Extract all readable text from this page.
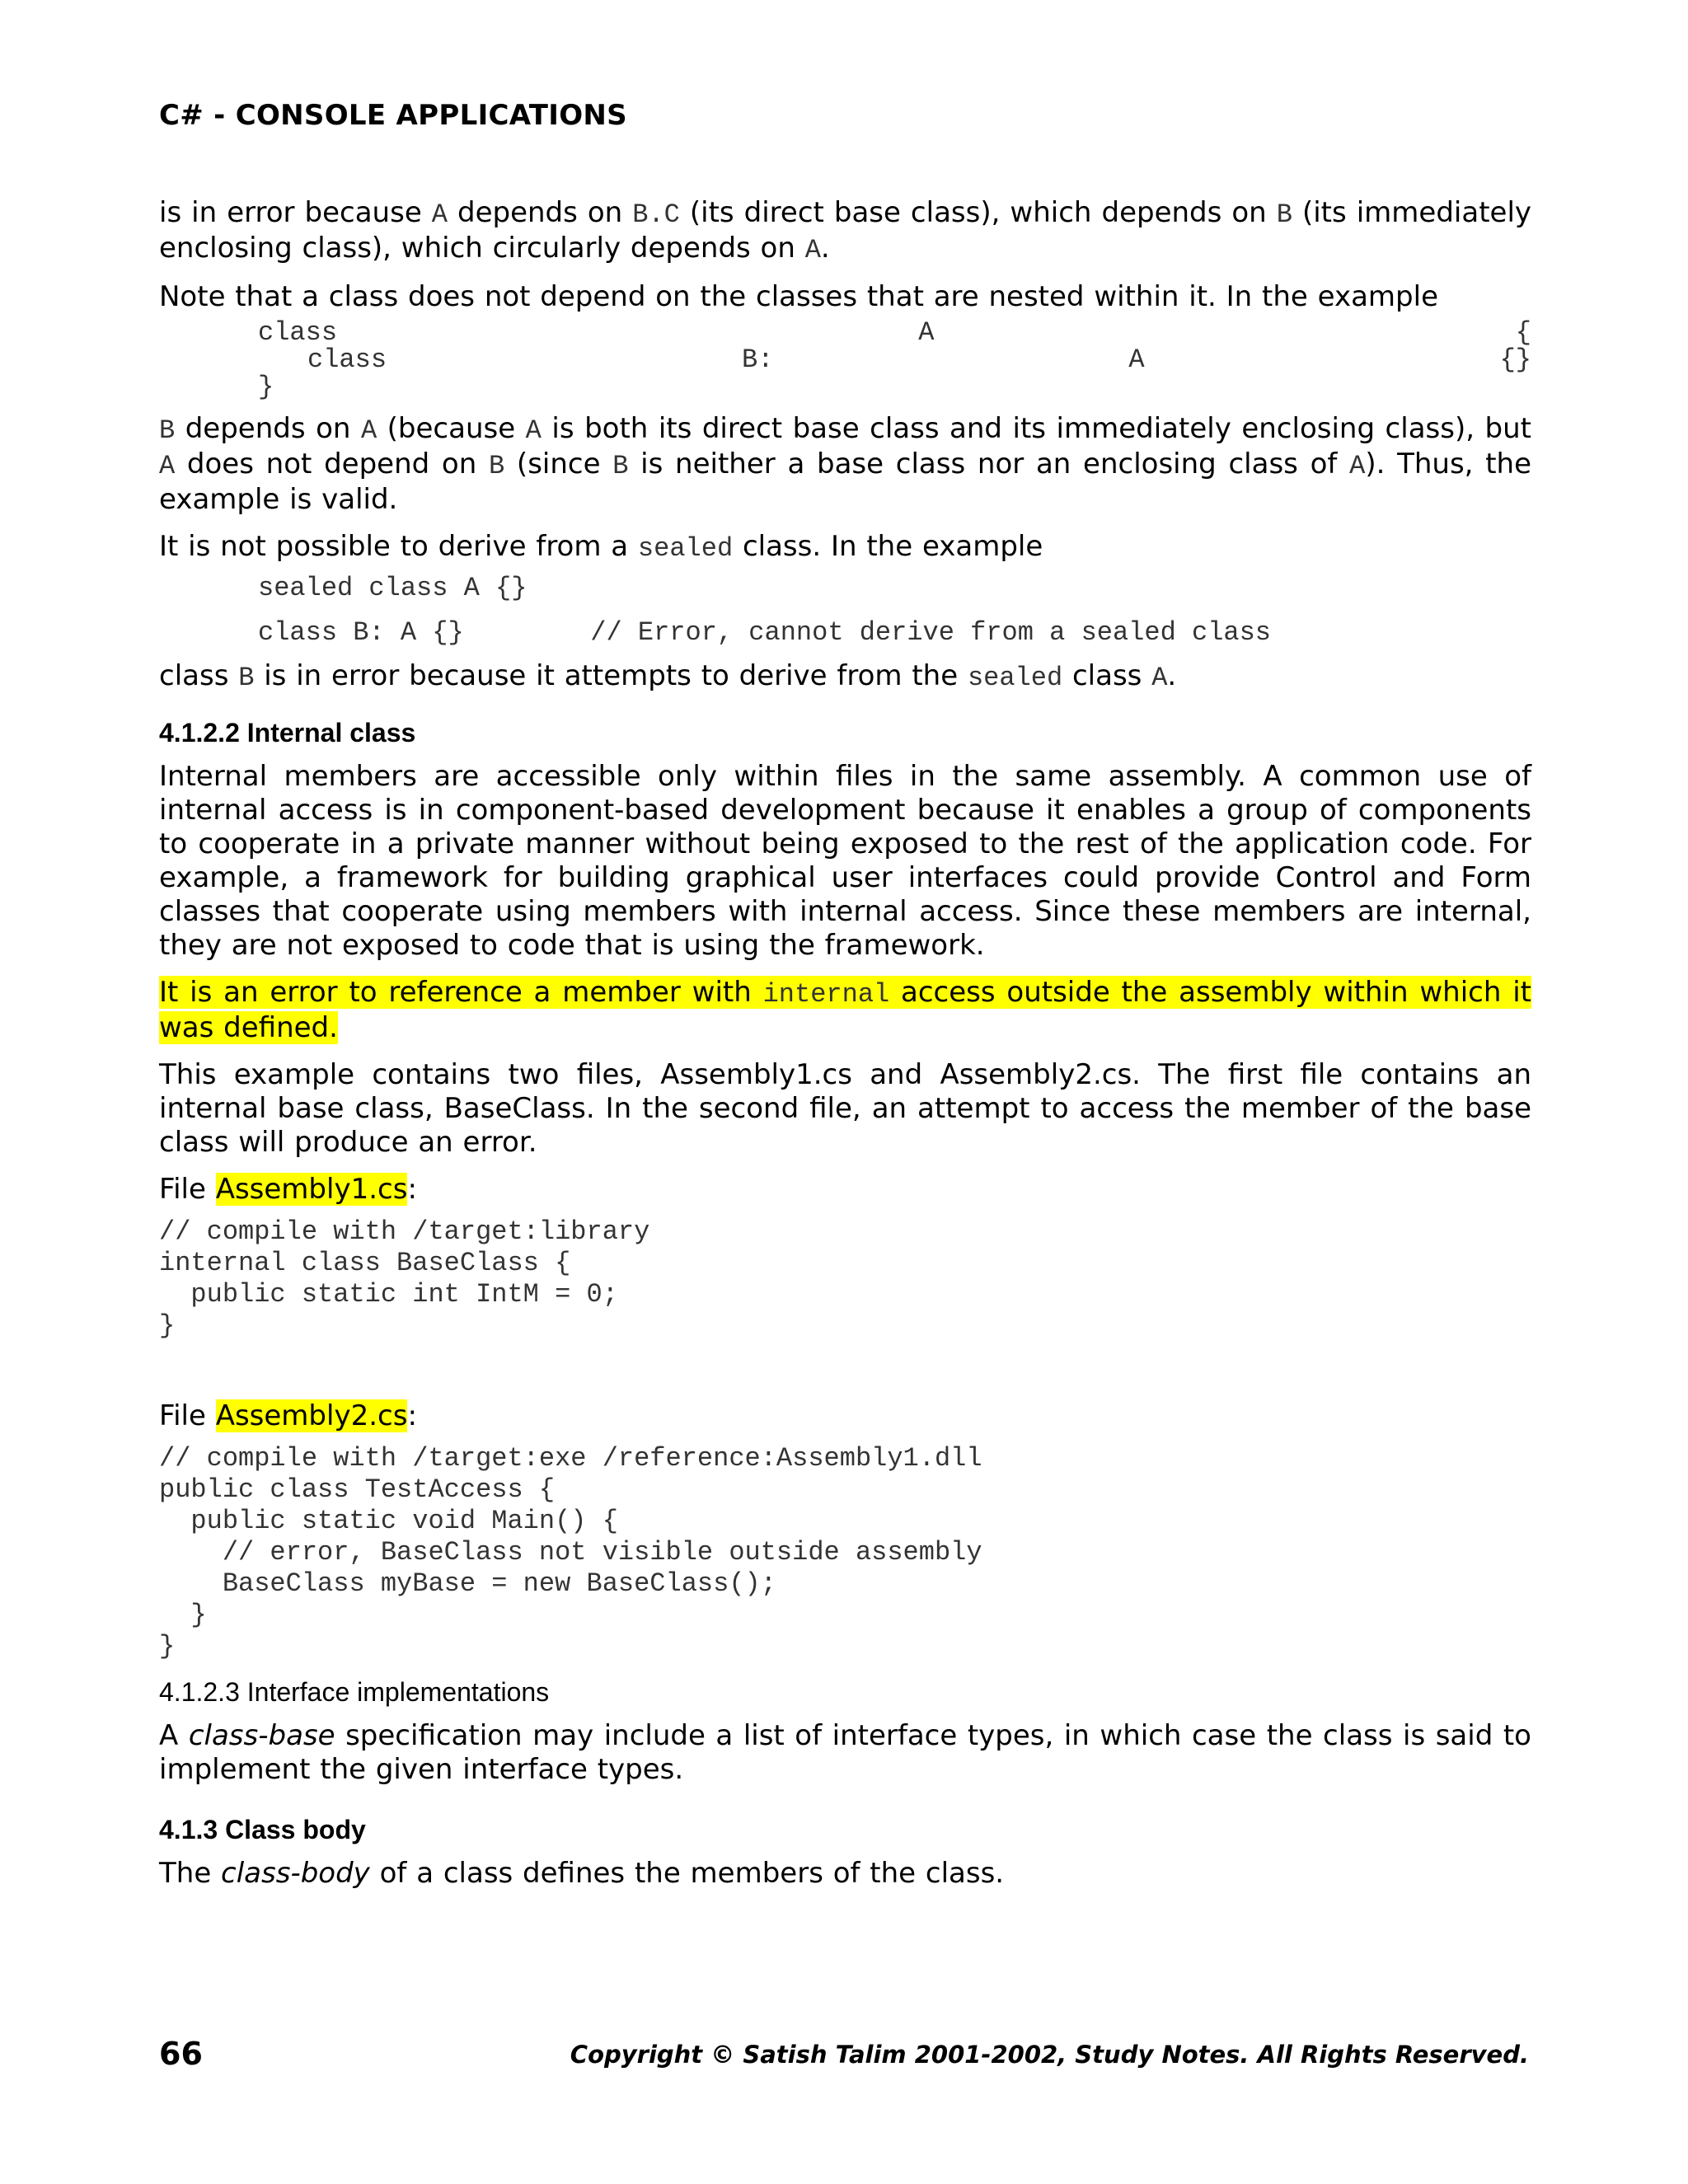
C# - CONSOLE APPLICATIONS

is in error because A depends on B.C (its direct base class), which depends on B (its immediately enclosing class), which circularly depends on A.

Note that a class does not depend on the classes that are nested within it. In the example

class	A	{
class	B:	A	{}
}

B depends on A (because A is both its direct base class and its immediately enclosing class), but A does not depend on B (since B is neither a base class nor an enclosing class of A). Thus, the example is valid.

It is not possible to derive from a sealed class. In the example

sealed class A {}
class B: A {}        // Error, cannot derive from a sealed class

class B is in error because it attempts to derive from the sealed class A.

4.1.2.2 Internal class

Internal members are accessible only within files in the same assembly. A common use of internal access is in component-based development because it enables a group of components to cooperate in a private manner without being exposed to the rest of the application code. For example, a framework for building graphical user interfaces could provide Control and Form classes that cooperate using members with internal access. Since these members are internal, they are not exposed to code that is using the framework.

It is an error to reference a member with internal access outside the assembly within which it was defined.

This example contains two files, Assembly1.cs and Assembly2.cs. The first file contains an internal base class, BaseClass. In the second file, an attempt to access the member of the base class will produce an error.

File Assembly1.cs:

// compile with /target:library
internal class BaseClass {
public static int IntM = 0;
}

File Assembly2.cs:

// compile with /target:exe /reference:Assembly1.dll
public class TestAccess {
public static void Main() {
// error, BaseClass not visible outside assembly
BaseClass myBase = new BaseClass();
}
}
4.1.2.3 Interface implementations

A class-base specification may include a list of interface types, in which case the class is said to implement the given interface types.

4.1.3 Class body

The class-body of a class defines the members of the class.

66	Copyright © Satish Talim 2001-2002, Study Notes. All Rights Reserved.
